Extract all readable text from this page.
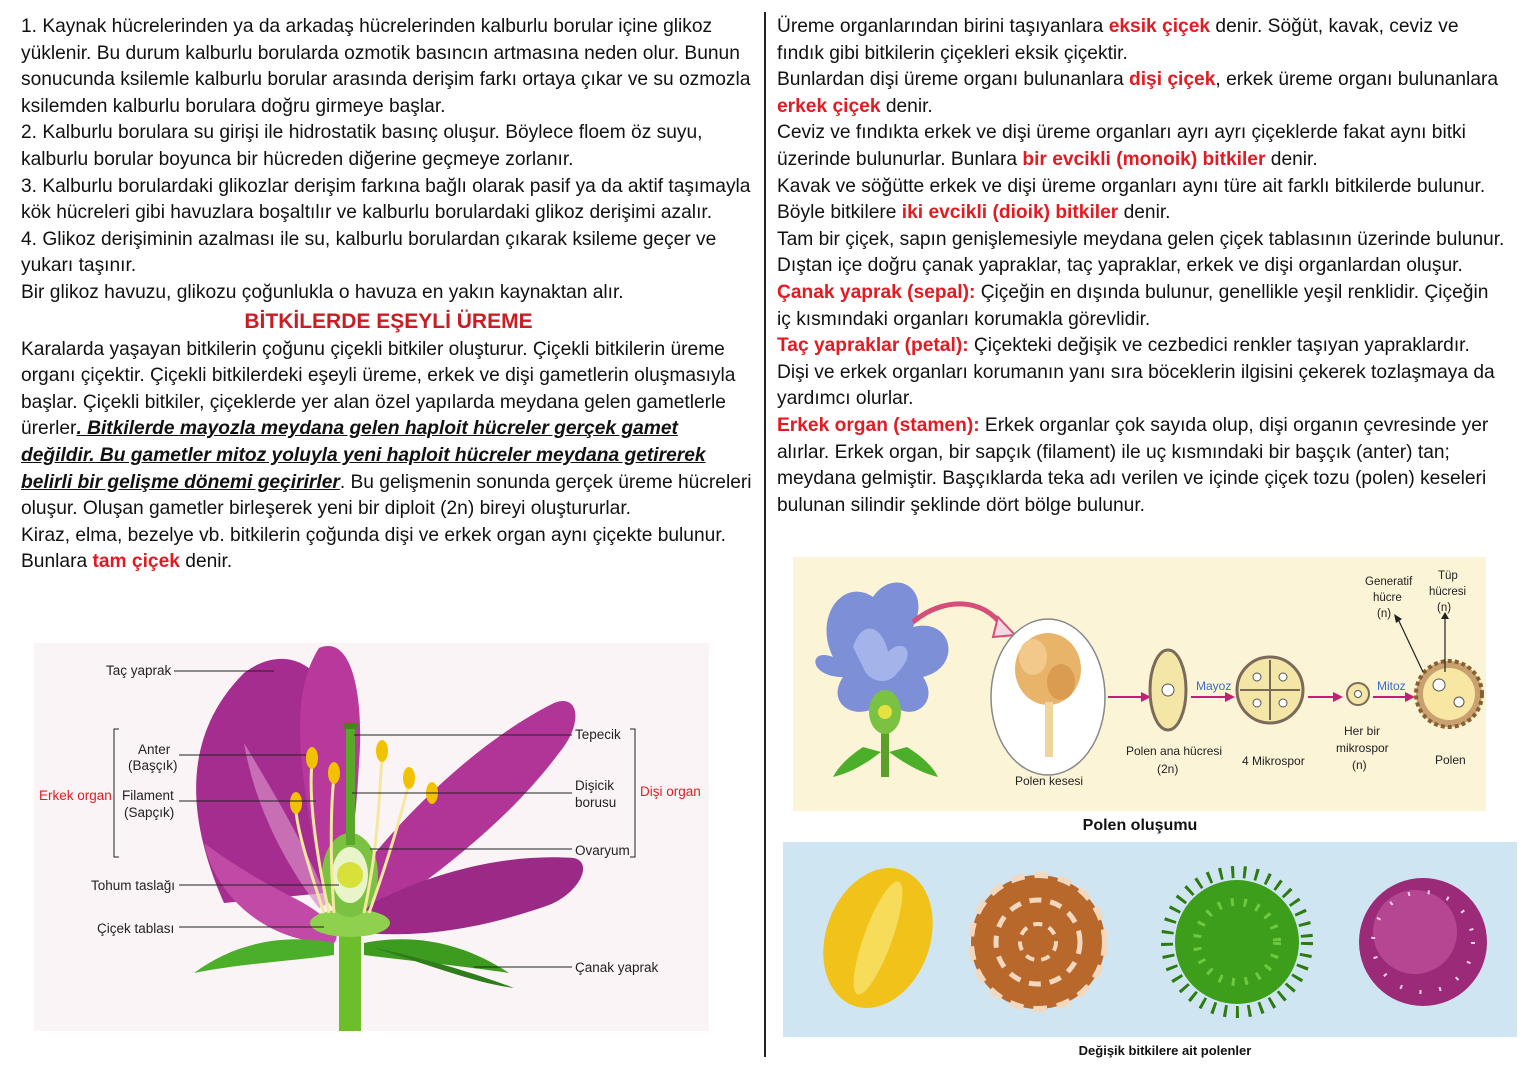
1. Kaynak hücrelerinden ya da arkadaş hücrelerinden kalburlu borular içine glikoz yüklenir. Bu durum kalburlu borularda ozmotik basıncın artmasına neden olur. Bunun sonucunda ksilemle kalburlu borular arasında derişim farkı ortaya çıkar ve su ozmozla ksilemden kalburlu borulara doğru girmeye başlar.

2. Kalburlu borulara su girişi ile hidrostatik basınç oluşur. Böylece floem öz suyu, kalburlu borular boyunca bir hücreden diğerine geçmeye zorlanır.

3. Kalburlu borulardaki glikozlar derişim farkına bağlı olarak pasif ya da aktif taşımayla kök hücreleri gibi havuzlara boşaltılır ve kalburlu borulardaki glikoz derişimi azalır.

4. Glikoz derişiminin azalması ile su, kalburlu borulardan çıkarak ksileme geçer ve yukarı taşınır.

Bir glikoz havuzu, glikozu çoğunlukla o havuza en yakın kaynaktan alır.

BİTKİLERDE EŞEYLİ ÜREME

Karalarda yaşayan bitkilerin çoğunu çiçekli bitkiler oluşturur. Çiçekli bitkilerin üreme organı çiçektir. Çiçekli bitkilerdeki eşeyli üreme, erkek ve dişi gametlerin oluşmasıyla başlar. Çiçekli bitkiler, çiçeklerde yer alan özel yapılarda meydana gelen gametlerle ürerler. Bitkilerde mayozla meydana gelen haploit hücreler gerçek gamet değildir. Bu gametler mitoz yoluyla yeni haploit hücreler meydana getirerek belirli bir gelişme dönemi geçirirler. Bu gelişmenin sonunda gerçek üreme hücreleri oluşur. Oluşan gametler birleşerek yeni bir diploit (2n) bireyi oluştururlar.

Kiraz, elma, bezelye vb. bitkilerin çoğunda dişi ve erkek organ aynı çiçekte bulunur. Bunlara tam çiçek denir.

Taç yaprak
Anter
(Başçık)
Erkek organ Filament
(Sapçık)
Tohum taslağı
Çiçek tablası
Tepecik
Dişicik
borusu
Dişi organ
Ovaryum
Çanak yaprak

Üreme organlarından birini taşıyanlara eksik çiçek denir. Söğüt, kavak, ceviz ve fındık gibi bitkilerin çiçekleri eksik çiçektir.

Bunlardan dişi üreme organı bulunanlara dişi çiçek, erkek üreme organı bulunanlara erkek çiçek denir.

Ceviz ve fındıkta erkek ve dişi üreme organları ayrı ayrı çiçeklerde fakat aynı bitki üzerinde bulunurlar. Bunlara bir evcikli (monoik) bitkiler denir.

Kavak ve söğütte erkek ve dişi üreme organları aynı türe ait farklı bitkilerde bulunur. Böyle bitkilere iki evcikli (dioik) bitkiler denir.

Tam bir çiçek, sapın genişlemesiyle meydana gelen çiçek tablasının üzerinde bulunur. Dıştan içe doğru çanak yapraklar, taç yapraklar, erkek ve dişi organlardan oluşur.

Çanak yaprak (sepal): Çiçeğin en dışında bulunur, genellikle yeşil renklidir. Çiçeğin iç kısmındaki organları korumakla görevlidir.

Taç yapraklar (petal): Çiçekteki değişik ve cezbedici renkler taşıyan yapraklardır. Dişi ve erkek organları korumanın yanı sıra böceklerin ilgisini çekerek tozlaşmaya da yardımcı olurlar.

Erkek organ (stamen): Erkek organlar çok sayıda olup, dişi organın çevresinde yer alırlar. Erkek organ, bir sapçık (filament) ile uç kısmındaki bir başçık (anter) tan; meydana gelmiştir. Başçıklarda teka adı verilen ve içinde çiçek tozu (polen) keseleri bulunan silindir şeklinde dört bölge bulunur.

Mayoz	Mitoz
Polen kesesi
Polen ana hücresi
(2n)
4 Mikrospor
Her bir
mikrospor
(n)	Polen
Generatif
hücre
(n)
Tüp
hücresi
(n)
Polen oluşumu
Değişik bitkilere ait polenler
